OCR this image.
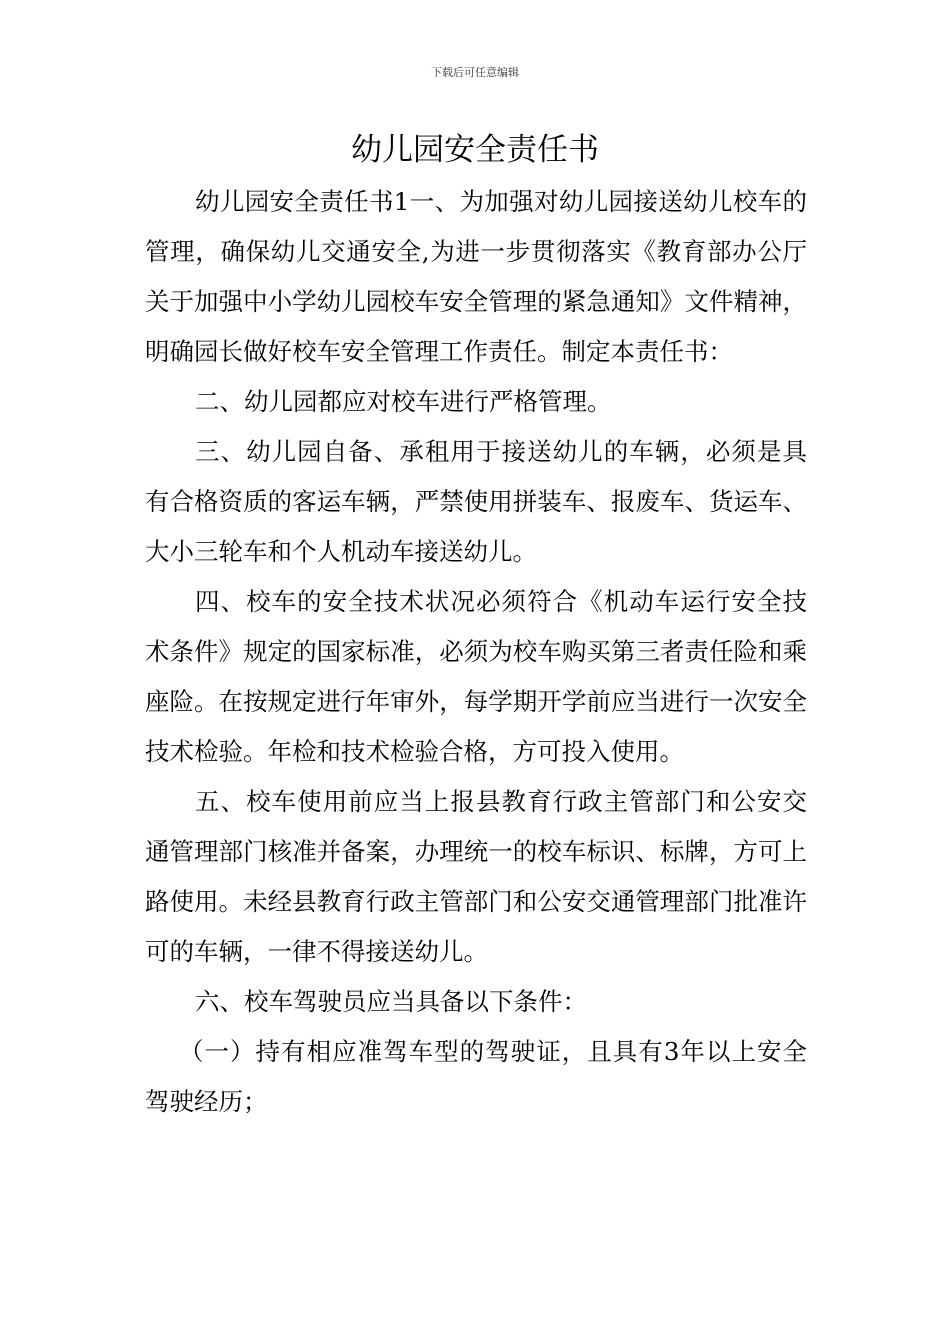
下载后可任意编辑
幼儿园安全责任书

幼儿园安全责任书1一、为加强对幼儿园接送幼儿校车的管理，确保幼儿交通安全,为进一步贯彻落实《教育部办公厅关于加强中小学幼儿园校车安全管理的紧急通知》文件精神，明确园长做好校车安全管理工作责任。制定本责任书：

二、幼儿园都应对校车进行严格管理。

三、幼儿园自备、承租用于接送幼儿的车辆，必须是具有合格资质的客运车辆，严禁使用拼装车、报废车、货运车、大小三轮车和个人机动车接送幼儿。

四、校车的安全技术状况必须符合《机动车运行安全技术条件》规定的国家标准，必须为校车购买第三者责任险和乘座险。在按规定进行年审外，每学期开学前应当进行一次安全技术检验。年检和技术检验合格，方可投入使用。

五、校车使用前应当上报县教育行政主管部门和公安交通管理部门核准并备案，办理统一的校车标识、标牌，方可上路使用。未经县教育行政主管部门和公安交通管理部门批准许可的车辆，一律不得接送幼儿。

六、校车驾驶员应当具备以下条件：

（一）持有相应准驾车型的驾驶证，且具有3年以上安全驾驶经历；
